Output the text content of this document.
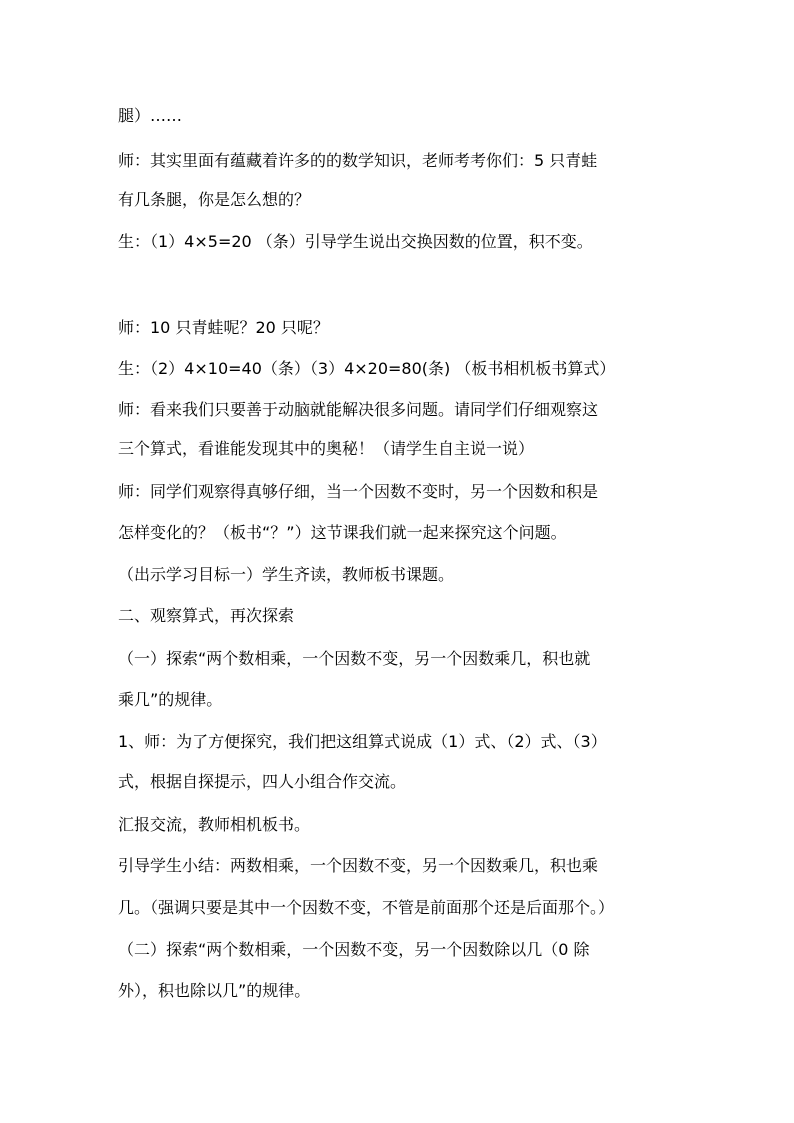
腿）……
师：其实里面有蕴藏着许多的的数学知识，老师考考你们：5 只青蛙
有几条腿，你是怎么想的？
生：（1）4×5=20 （条）引导学生说出交换因数的位置，积不变。
师：10 只青蛙呢？20 只呢？
生：（2）4×10=40（条）（3）4×20=80(条) （板书相机板书算式）
师：看来我们只要善于动脑就能解决很多问题。请同学们仔细观察这
三个算式，看谁能发现其中的奥秘！（请学生自主说一说）
师：同学们观察得真够仔细，当一个因数不变时，另一个因数和积是
怎样变化的？（板书“？”）这节课我们就一起来探究这个问题。
（出示学习目标一）学生齐读，教师板书课题。
二、观察算式，再次探索
（一）探索“两个数相乘，一个因数不变，另一个因数乘几，积也就
乘几”的规律。
1、师：为了方便探究，我们把这组算式说成（1）式、（2）式、（3）
式，根据自探提示，四人小组合作交流。
汇报交流，教师相机板书。
引导学生小结：两数相乘，一个因数不变，另一个因数乘几，积也乘
几。（强调只要是其中一个因数不变，不管是前面那个还是后面那个。）
（二）探索“两个数相乘，一个因数不变，另一个因数除以几（0 除
外），积也除以几”的规律。
